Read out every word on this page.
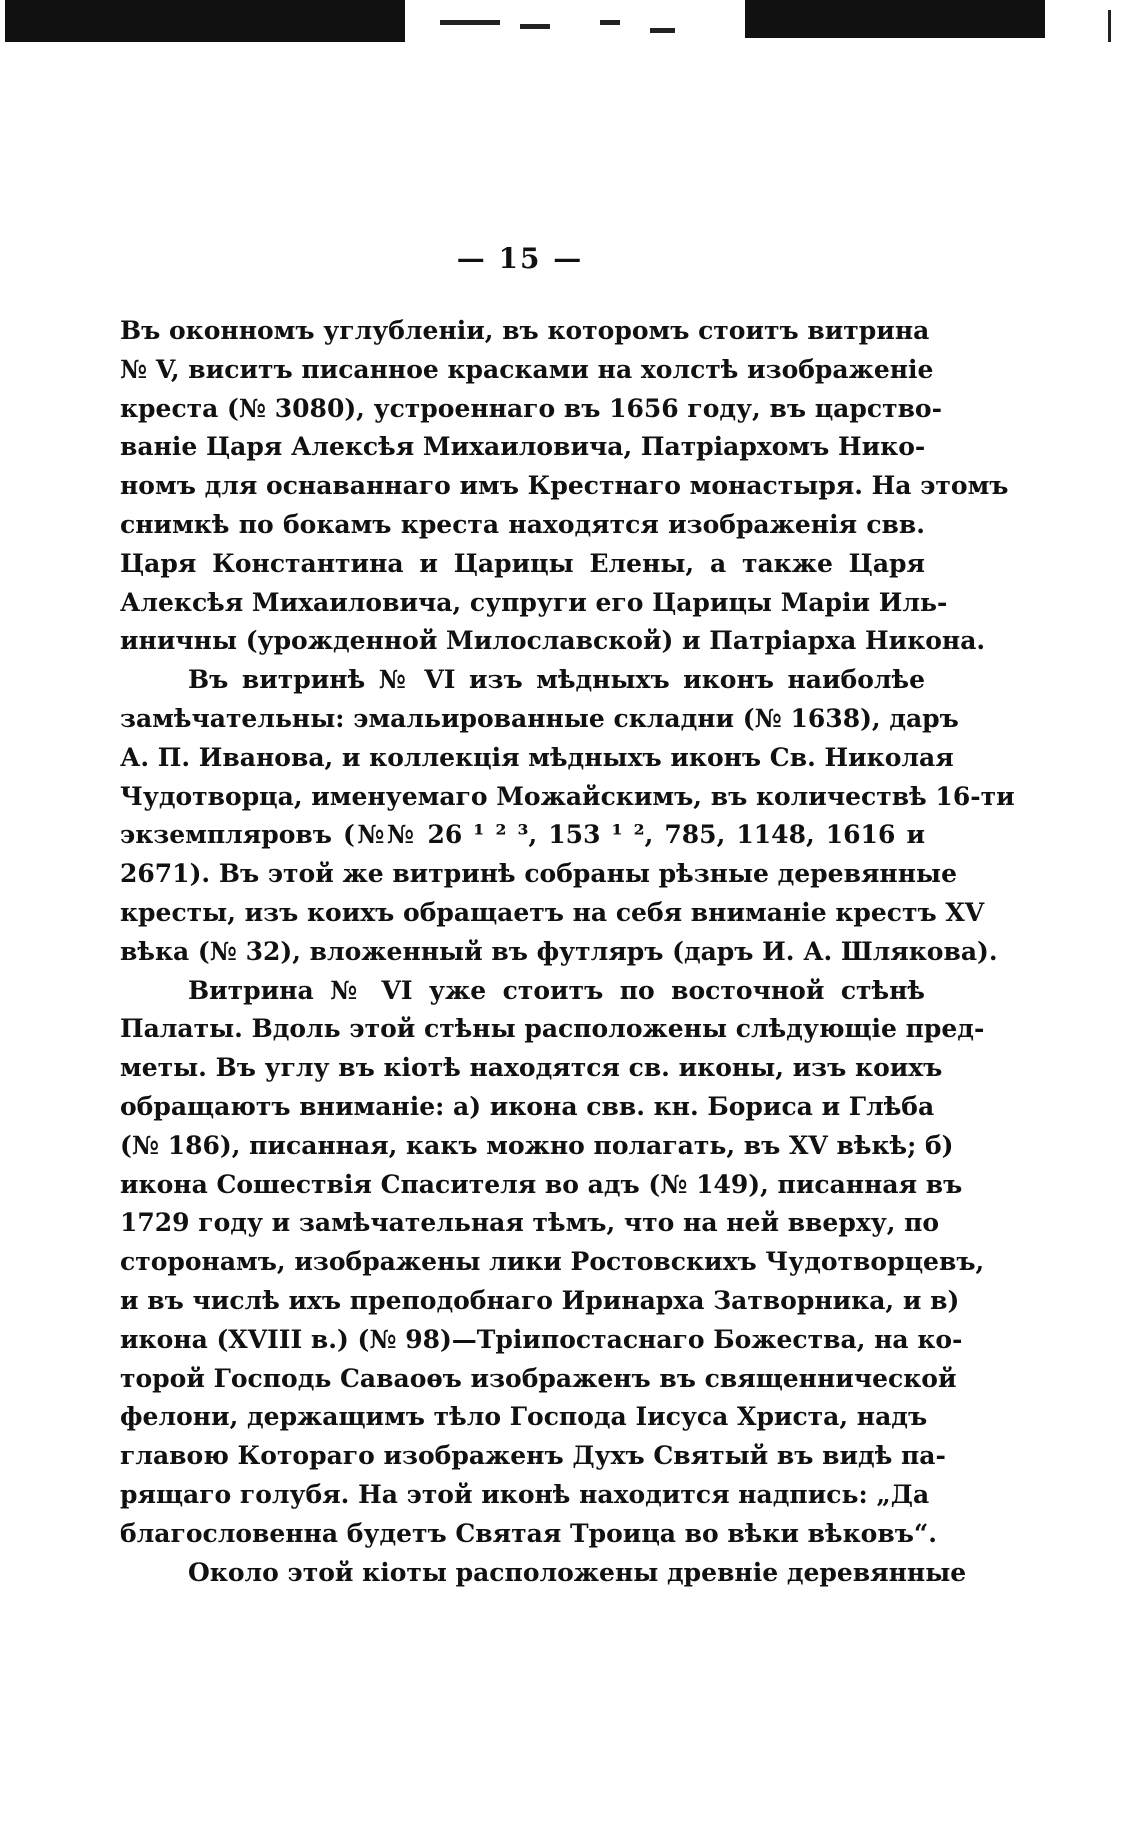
— 15 —
Въ оконномъ углубленіи, въ которомъ стоитъ витрина
№ V, виситъ писанное красками на холстѣ изображеніе
креста (№ 3080), устроеннаго въ 1656 году, въ царство-
ваніе Царя Алексѣя Михаиловича, Патріархомъ Нико-
номъ для оснаваннаго имъ Крестнаго монастыря. На этомъ
снимкѣ по бокамъ креста находятся изображенія свв.
Царя Константина и Царицы Елены, а также Царя
Алексѣя Михаиловича, супруги его Царицы Маріи Иль-
иничны (урожденной Милославской) и Патріарха Никона.
Въ витринѣ № VI изъ мѣдныхъ иконъ наиболѣе
замѣчательны: эмальированные складни (№ 1638), даръ
А. П. Иванова, и коллекція мѣдныхъ иконъ Св. Николая
Чудотворца, именуемаго Можайскимъ, въ количествѣ 16-ти
экземпляровъ (№№ 26 ¹ ² ³, 153 ¹ ², 785, 1148, 1616 и
2671). Въ этой же витринѣ собраны рѣзные деревянные
кресты, изъ коихъ обращаетъ на себя вниманіе крестъ XV
вѣка (№ 32), вложенный въ футляръ (даръ И. А. Шлякова).
Витрина № VI уже стоитъ по восточной стѣнѣ
Палаты. Вдоль этой стѣны расположены слѣдующіе пред-
меты. Въ углу въ кіотѣ находятся св. иконы, изъ коихъ
обращаютъ вниманіе: а) икона свв. кн. Бориса и Глѣба
(№ 186), писанная, какъ можно полагать, въ XV вѣкѣ; б)
икона Сошествія Спасителя во адъ (№ 149), писанная въ
1729 году и замѣчательная тѣмъ, что на ней вверху, по
сторонамъ, изображены лики Ростовскихъ Чудотворцевъ,
и въ числѣ ихъ преподобнаго Иринарха Затворника, и в)
икона (XVIII в.) (№ 98)—Тріипостаснаго Божества, на ко-
торой Господь Саваоѳъ изображенъ въ священнической
фелони, держащимъ тѣло Господа Іисуса Христа, надъ
главою Котораго изображенъ Духъ Святый въ видѣ па-
рящаго голубя. На этой иконѣ находится надпись: „Да
благословенна будетъ Святая Троица во вѣки вѣковъ“.
Около этой кіоты расположены древніе деревянные
